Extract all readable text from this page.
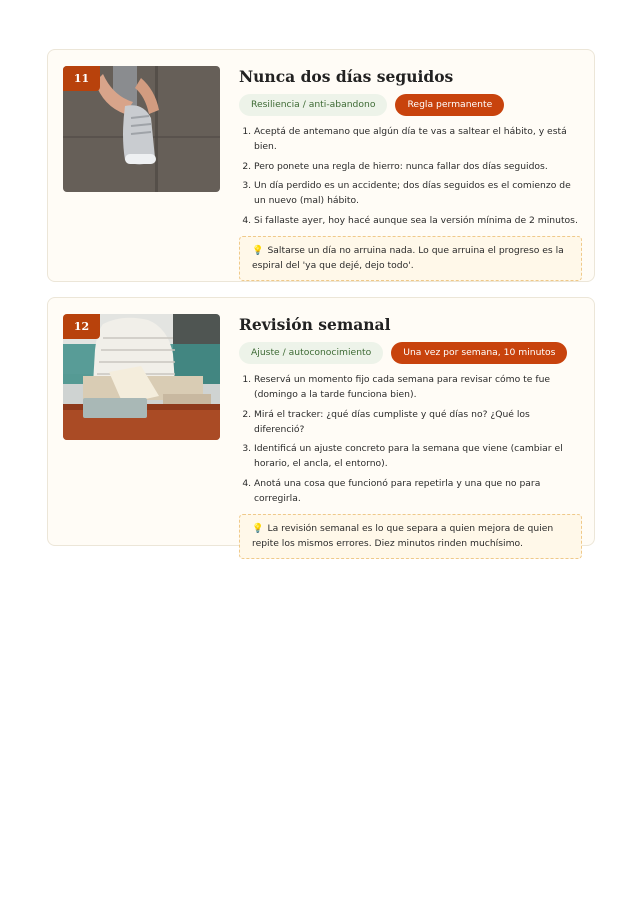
11	Nunca dos días seguidos
Resiliencia / anti-abandono	Regla permanente
1. Aceptá de antemano que algún día te vas a saltear el hábito, y está bien.
2. Pero ponete una regla de hierro: nunca fallar dos días seguidos.
3. Un día perdido es un accidente; dos días seguidos es el comienzo de un nuevo (mal) hábito.
4. Si fallaste ayer, hoy hacé aunque sea la versión mínima de 2 minutos.
💡 Saltarse un día no arruina nada. Lo que arruina el progreso es la espiral del 'ya que dejé, dejo todo'.
12	Revisión semanal
Ajuste / autoconocimiento	Una vez por semana, 10 minutos
1. Reservá un momento fijo cada semana para revisar cómo te fue (domingo a la tarde funciona bien).
2. Mirá el tracker: ¿qué días cumpliste y qué días no? ¿Qué los diferenció?
3. Identificá un ajuste concreto para la semana que viene (cambiar el horario, el ancla, el entorno).
4. Anotá una cosa que funcionó para repetirla y una que no para corregirla.
💡 La revisión semanal es lo que separa a quien mejora de quien repite los mismos errores. Diez minutos rinden muchísimo.
